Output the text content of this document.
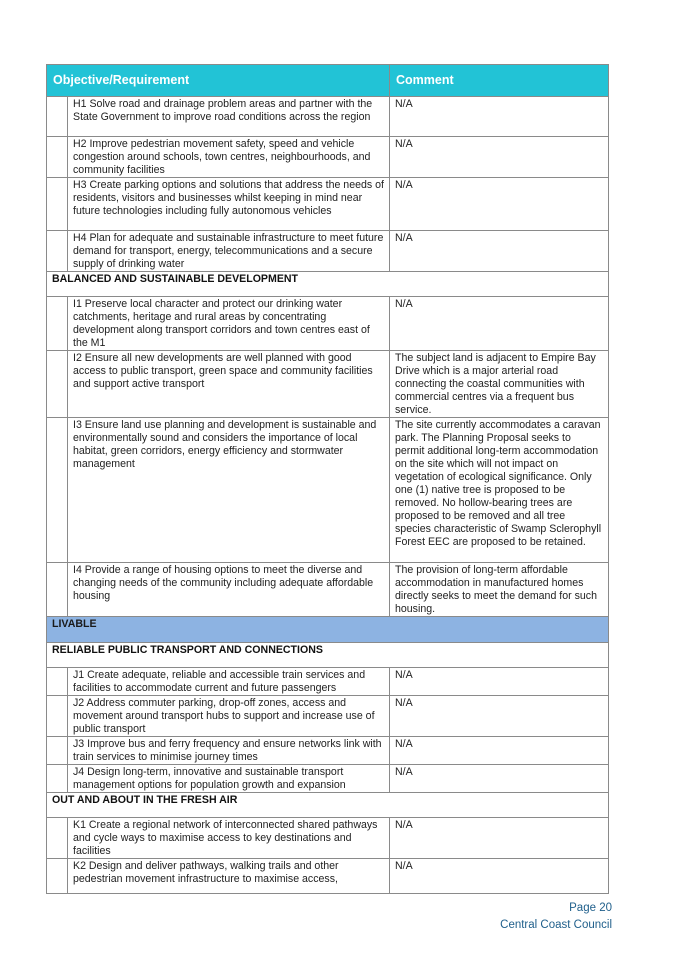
Objective/Requirement		Comment
	H1 Solve road and drainage problem areas and partner with the State Government to improve road conditions across the region	N/A
	H2 Improve pedestrian movement safety, speed and vehicle congestion around schools, town centres, neighbourhoods, and community facilities	N/A
	H3 Create parking options and solutions that address the needs of residents, visitors and businesses whilst keeping in mind near future technologies including fully autonomous vehicles	N/A
	H4 Plan for adequate and sustainable infrastructure to meet future demand for transport, energy, telecommunications and a secure supply of drinking water	N/A
BALANCED AND SUSTAINABLE DEVELOPMENT		
	I1 Preserve local character and protect our drinking water catchments, heritage and rural areas by concentrating development along transport corridors and town centres east of the M1	N/A
	I2 Ensure all new developments are well planned with good access to public transport, green space and community facilities and support active transport	The subject land is adjacent to Empire Bay Drive which is a major arterial road connecting the coastal communities with commercial centres via a frequent bus service.
	I3 Ensure land use planning and development is sustainable and environmentally sound and considers the importance of local habitat, green corridors, energy efficiency and stormwater management	The site currently accommodates a caravan park. The Planning Proposal seeks to permit additional long-term accommodation on the site which will not impact on vegetation of ecological significance. Only one (1) native tree is proposed to be removed. No hollow-bearing trees are proposed to be removed and all tree species characteristic of Swamp Sclerophyll Forest EEC are proposed to be retained.
	I4 Provide a range of housing options to meet the diverse and changing needs of the community including adequate affordable housing	The provision of long-term affordable accommodation in manufactured homes directly seeks to meet the demand for such housing.
LIVABLE		
RELIABLE PUBLIC TRANSPORT AND CONNECTIONS		
	J1 Create adequate, reliable and accessible train services and facilities to accommodate current and future passengers	N/A
	J2 Address commuter parking, drop-off zones, access and movement around transport hubs to support and increase use of public transport	N/A
	J3 Improve bus and ferry frequency and ensure networks link with train services to minimise journey times	N/A
	J4 Design long-term, innovative and sustainable transport management options for population growth and expansion	N/A
OUT AND ABOUT IN THE FRESH AIR		
	K1 Create a regional network of interconnected shared pathways and cycle ways to maximise access to key destinations and facilities	N/A
	K2 Design and deliver pathways, walking trails and other pedestrian movement infrastructure to maximise access,	N/A
Page 20
Central Coast Council
